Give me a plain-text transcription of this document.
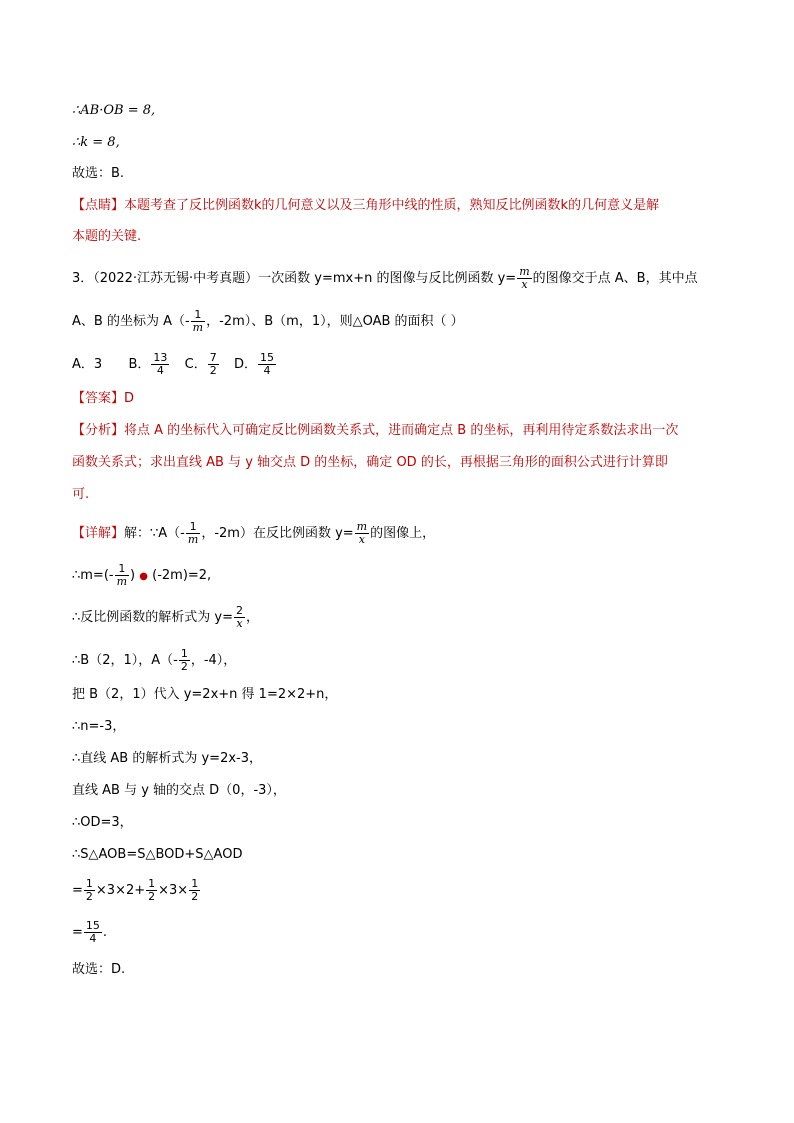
∴AB·OB = 8,
∴k = 8,
故选：B.
【点睛】本题考查了反比例函数k的几何意义以及三角形中线的性质，熟知反比例函数k的几何意义是解
本题的关键.
3．（2022·江苏无锡·中考真题）一次函数 y=mx+n 的图像与反比例函数 $y= \frac{m}{x}$ 的图像交于点 A、B，其中点
A、B 的坐标为 $A(- \frac{1}{m}$ ，-2m）、B（m，1），则△OAB 的面积（ ）
A．3 B． $\frac{13}{4}$ C． $\frac{7}{2}$ D． $\frac{15}{4}$
【答案】D
【分析】将点 A 的坐标代入可确定反比例函数关系式，进而确定点 B 的坐标，再利用待定系数法求出一次
函数关系式；求出直线 AB 与 y 轴交点 D 的坐标，确定 OD 的长，再根据三角形的面积公式进行计算即
可.
【详解】解：∵A（- $\frac{1}{m}$ ，-2m）在反比例函数 $y= \frac{m}{x}$ 的图像上，
∴m=(- $\frac{1}{m}$ ) ● (-2m)=2,
∴反比例函数的解析式为 $y= \frac{2}{x}$ ，
∴B（2，1），$A(- \frac{1}{2}$ ，-4），
把 B（2，1）代入 y=2x+n 得 1=2×2+n，
∴n=-3，
∴直线 AB 的解析式为 y=2x-3，
直线 AB 与 y 轴的交点 D（0，-3），
∴OD=3，
∴S△AOB=S△BOD+S△AOD
= $\frac{1}{2} \times 3\times 2+ \frac{1}{2} \times 3\times \frac{1}{2}$
= $\frac{15}{4}$ .
故选：D.
